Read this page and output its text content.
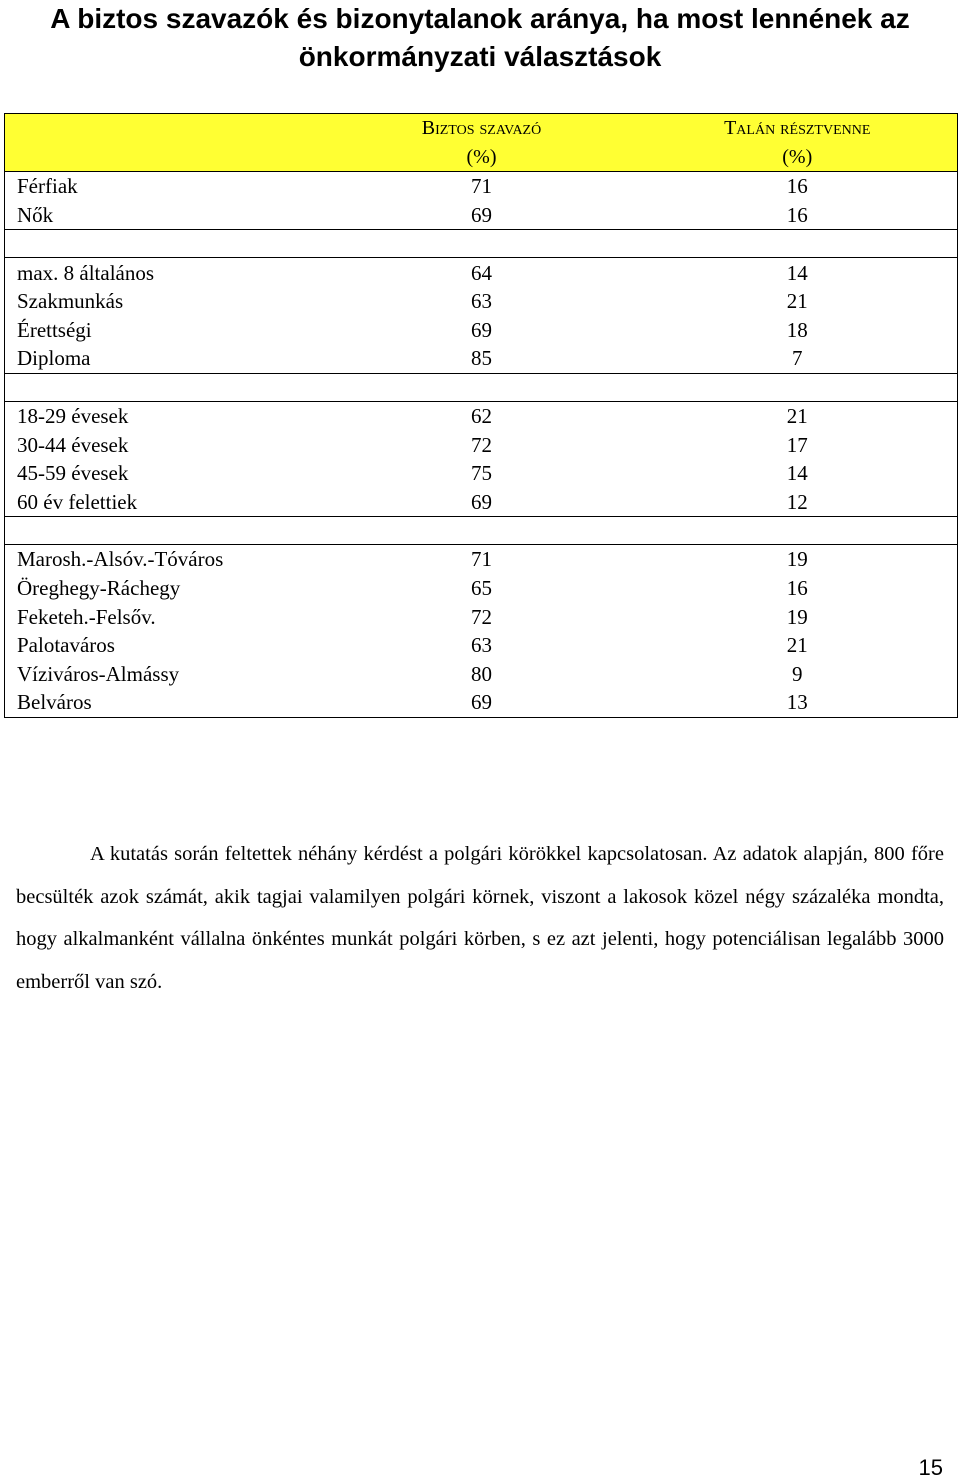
A biztos szavazók és bizonytalanok aránya, ha most lennének az
önkormányzati választások
	Biztos szavazó	Talán résztvenne
	(%)	(%)
Férfiak	71	16
Nők	69	16

max. 8 általános	64	14
Szakmunkás	63	21
Érettségi	69	18
Diploma	85	7

18-29 évesek	62	21
30-44 évesek	72	17
45-59 évesek	75	14
60 év felettiek	69	12

Marosh.-Alsóv.-Tóváros	71	19
Öreghegy-Ráchegy	65	16
Feketeh.-Felsőv.	72	19
Palotaváros	63	21
Víziváros-Almássy	80	9
Belváros	69	13

A kutatás során feltettek néhány kérdést a polgári körökkel kapcsolatosan. Az adatok alapján, 800 főre becsülték azok számát, akik tagjai valamilyen polgári körnek, viszont a lakosok közel négy százaléka mondta, hogy alkalmanként vállalna önkéntes munkát polgári körben, s ez azt jelenti, hogy potenciálisan legalább 3000 emberről van szó.

15
